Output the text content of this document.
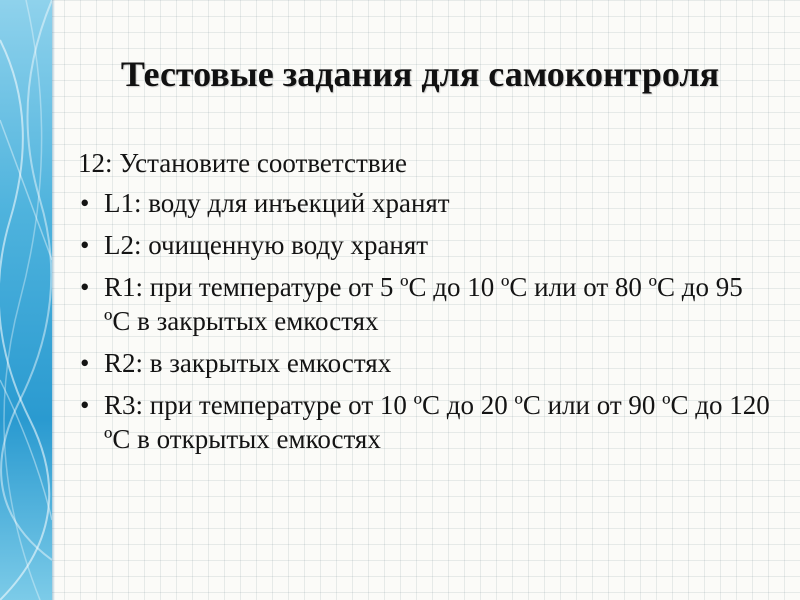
Тестовые задания для самоконтроля

12: Установите соответствие

• L1: воду для инъекций хранят
• L2: очищенную воду хранят
• R1: при температуре от 5 ºС до 10 ºС или от 80 ºС до 95 ºС в закрытых емкостях
• R2: в закрытых емкостях
• R3: при температуре от 10 ºС до 20 ºС или от 90 ºС до 120 ºС в открытых емкостях
